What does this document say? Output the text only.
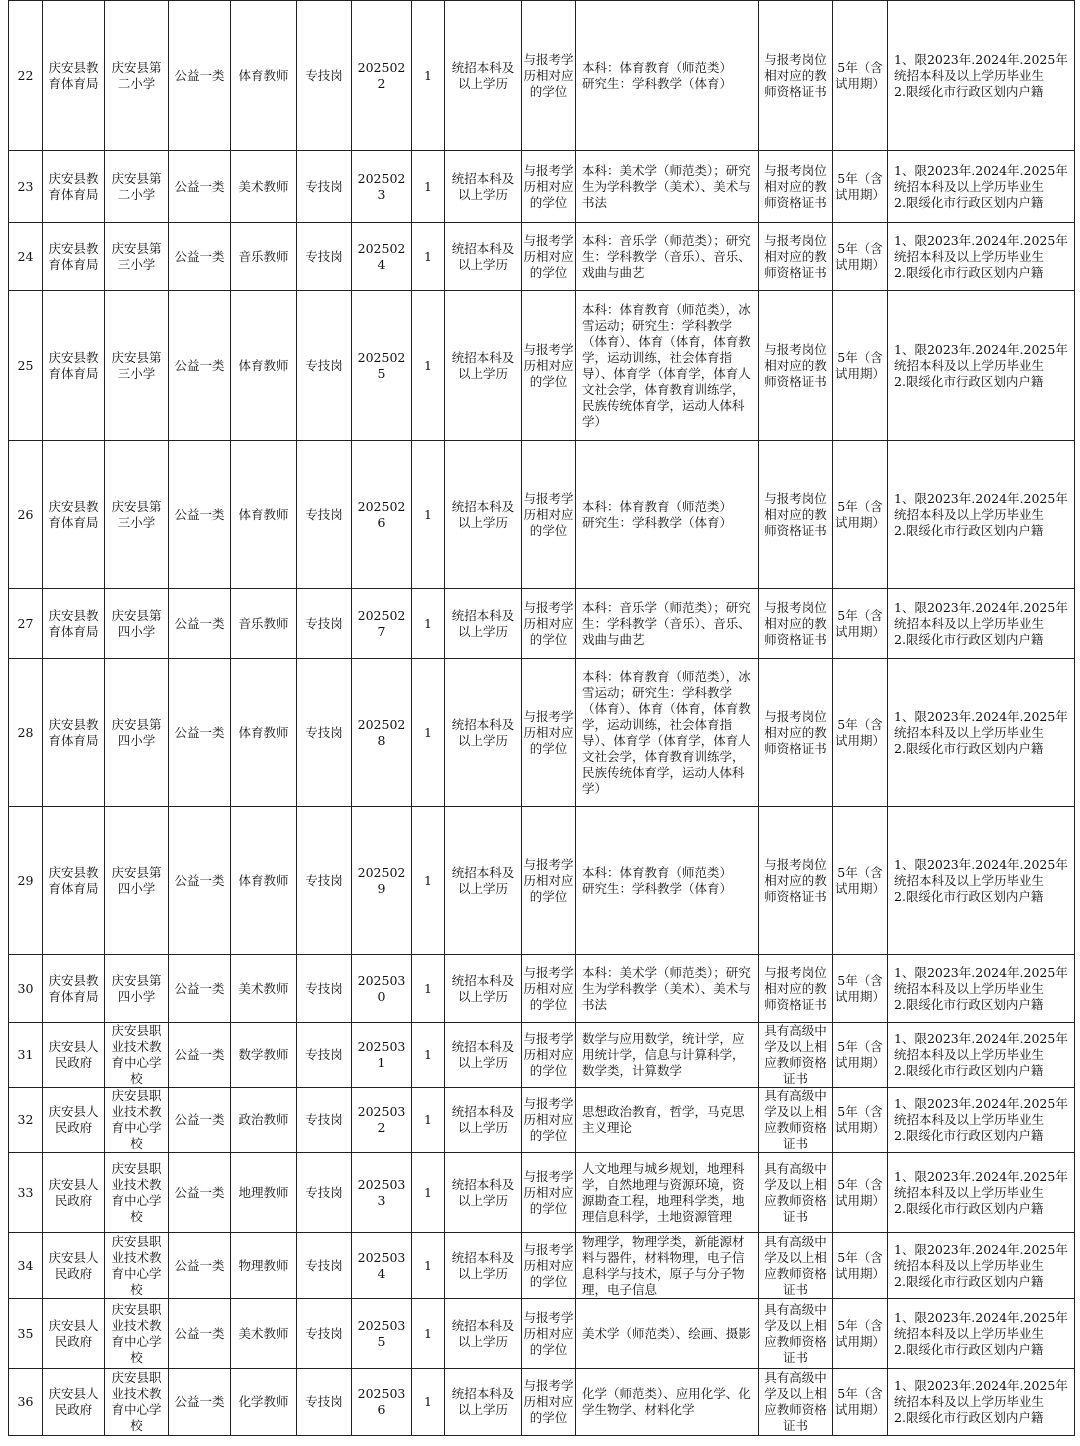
22	庆安县教育体育局	庆安县第二小学	公益一类	体育教师	专技岗	2025022	1	统招本科及以上学历	与报考学历相对应的学位	本科：体育教育（师范类）
研究生：学科教学（体育）	与报考岗位相对应的教师资格证书	5年（含试用期）	1、限2023年.2024年.2025年统招本科及以上学历毕业生
2.限绥化市行政区划内户籍
23	庆安县教育体育局	庆安县第二小学	公益一类	美术教师	专技岗	2025023	1	统招本科及以上学历	与报考学历相对应的学位	本科：美术学（师范类）；研究生为学科教学（美术）、美术与书法	与报考岗位相对应的教师资格证书	5年（含试用期）	1、限2023年.2024年.2025年统招本科及以上学历毕业生
2.限绥化市行政区划内户籍
24	庆安县教育体育局	庆安县第三小学	公益一类	音乐教师	专技岗	2025024	1	统招本科及以上学历	与报考学历相对应的学位	本科：音乐学（师范类）；研究生：学科教学（音乐）、音乐、戏曲与曲艺	与报考岗位相对应的教师资格证书	5年（含试用期）	1、限2023年.2024年.2025年统招本科及以上学历毕业生
2.限绥化市行政区划内户籍
25	庆安县教育体育局	庆安县第三小学	公益一类	体育教师	专技岗	2025025	1	统招本科及以上学历	与报考学历相对应的学位	本科：体育教育（师范类），冰雪运动；研究生：学科教学（体育）、体育（体育，体育教学，运动训练，社会体育指导）、体育学（体育学，体育人文社会学，体育教育训练学，民族传统体育学，运动人体科学）	与报考岗位相对应的教师资格证书	5年（含试用期）	1、限2023年.2024年.2025年统招本科及以上学历毕业生
2.限绥化市行政区划内户籍
26	庆安县教育体育局	庆安县第三小学	公益一类	体育教师	专技岗	2025026	1	统招本科及以上学历	与报考学历相对应的学位	本科：体育教育（师范类）
研究生：学科教学（体育）	与报考岗位相对应的教师资格证书	5年（含试用期）	1、限2023年.2024年.2025年统招本科及以上学历毕业生
2.限绥化市行政区划内户籍
27	庆安县教育体育局	庆安县第四小学	公益一类	音乐教师	专技岗	2025027	1	统招本科及以上学历	与报考学历相对应的学位	本科：音乐学（师范类）；研究生：学科教学（音乐）、音乐、戏曲与曲艺	与报考岗位相对应的教师资格证书	5年（含试用期）	1、限2023年.2024年.2025年统招本科及以上学历毕业生
2.限绥化市行政区划内户籍
28	庆安县教育体育局	庆安县第四小学	公益一类	体育教师	专技岗	2025028	1	统招本科及以上学历	与报考学历相对应的学位	本科：体育教育（师范类），冰雪运动；研究生：学科教学（体育）、体育（体育，体育教学，运动训练，社会体育指导）、体育学（体育学，体育人文社会学，体育教育训练学，民族传统体育学，运动人体科学）	与报考岗位相对应的教师资格证书	5年（含试用期）	1、限2023年.2024年.2025年统招本科及以上学历毕业生
2.限绥化市行政区划内户籍
29	庆安县教育体育局	庆安县第四小学	公益一类	体育教师	专技岗	2025029	1	统招本科及以上学历	与报考学历相对应的学位	本科：体育教育（师范类）
研究生：学科教学（体育）	与报考岗位相对应的教师资格证书	5年（含试用期）	1、限2023年.2024年.2025年统招本科及以上学历毕业生
2.限绥化市行政区划内户籍
30	庆安县教育体育局	庆安县第四小学	公益一类	美术教师	专技岗	2025030	1	统招本科及以上学历	与报考学历相对应的学位	本科：美术学（师范类）；研究生为学科教学（美术）、美术与书法	与报考岗位相对应的教师资格证书	5年（含试用期）	1、限2023年.2024年.2025年统招本科及以上学历毕业生
2.限绥化市行政区划内户籍
31	庆安县人民政府	庆安县职业技术教育中心学校	公益一类	数学教师	专技岗	2025031	1	统招本科及以上学历	与报考学历相对应的学位	数学与应用数学，统计学，应用统计学，信息与计算科学，数学类，计算数学	具有高级中学及以上相应教师资格证书	5年（含试用期）	1、限2023年.2024年.2025年统招本科及以上学历毕业生
2.限绥化市行政区划内户籍
32	庆安县人民政府	庆安县职业技术教育中心学校	公益一类	政治教师	专技岗	2025032	1	统招本科及以上学历	与报考学历相对应的学位	思想政治教育，哲学，马克思主义理论	具有高级中学及以上相应教师资格证书	5年（含试用期）	1、限2023年.2024年.2025年统招本科及以上学历毕业生
2.限绥化市行政区划内户籍
33	庆安县人民政府	庆安县职业技术教育中心学校	公益一类	地理教师	专技岗	2025033	1	统招本科及以上学历	与报考学历相对应的学位	人文地理与城乡规划，地理科学，自然地理与资源环境，资源勘查工程，地理科学类，地理信息科学，土地资源管理	具有高级中学及以上相应教师资格证书	5年（含试用期）	1、限2023年.2024年.2025年统招本科及以上学历毕业生
2.限绥化市行政区划内户籍
34	庆安县人民政府	庆安县职业技术教育中心学校	公益一类	物理教师	专技岗	2025034	1	统招本科及以上学历	与报考学历相对应的学位	物理学，物理学类，新能源材料与器件，材料物理，电子信息科学与技术，原子与分子物理，电子信息	具有高级中学及以上相应教师资格证书	5年（含试用期）	1、限2023年.2024年.2025年统招本科及以上学历毕业生
2.限绥化市行政区划内户籍
35	庆安县人民政府	庆安县职业技术教育中心学校	公益一类	美术教师	专技岗	2025035	1	统招本科及以上学历	与报考学历相对应的学位	美术学（师范类）、绘画、摄影	具有高级中学及以上相应教师资格证书	5年（含试用期）	1、限2023年.2024年.2025年统招本科及以上学历毕业生
2.限绥化市行政区划内户籍
36	庆安县人民政府	庆安县职业技术教育中心学校	公益一类	化学教师	专技岗	2025036	1	统招本科及以上学历	与报考学历相对应的学位	化学（师范类）、应用化学、化学生物学、材料化学	具有高级中学及以上相应教师资格证书	5年（含试用期）	1、限2023年.2024年.2025年统招本科及以上学历毕业生
2.限绥化市行政区划内户籍
